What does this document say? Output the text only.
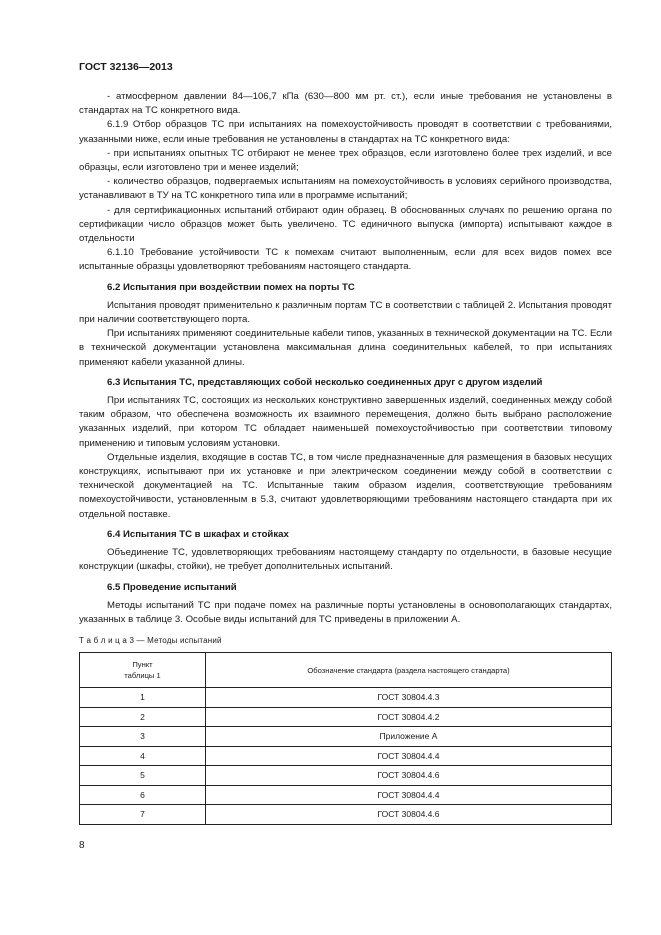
ГОСТ 32136—2013

- атмосферном давлении 84—106,7 кПа (630—800 мм рт. ст.), если иные требования не установлены в стандартах на ТС конкретного вида.

6.1.9 Отбор образцов ТС при испытаниях на помехоустойчивость проводят в соответствии с требованиями, указанными ниже, если иные требования не установлены в стандартах на ТС конкретного вида:

- при испытаниях опытных ТС отбирают не менее трех образцов, если изготовлено более трех изделий, и все образцы, если изготовлено три и менее изделий;

- количество образцов, подвергаемых испытаниям на помехоустойчивость в условиях серийного производства, устанавливают в ТУ на ТС конкретного типа или в программе испытаний;

- для сертификационных испытаний отбирают один образец. В обоснованных случаях по решению органа по сертификации число образцов может быть увеличено. ТС единичного выпуска (импорта) испытывают каждое в отдельности

6.1.10 Требование устойчивости ТС к помехам считают выполненным, если для всех видов помех все испытанные образцы удовлетворяют требованиям настоящего стандарта.

6.2 Испытания при воздействии помех на порты ТС

Испытания проводят применительно к различным портам ТС в соответствии с таблицей 2. Испытания проводят при наличии соответствующего порта.

При испытаниях применяют соединительные кабели типов, указанных в технической документации на ТС. Если в технической документации установлена максимальная длина соединительных кабелей, то при испытаниях применяют кабели указанной длины.

6.3 Испытания ТС, представляющих собой несколько соединенных друг с другом изделий

При испытаниях ТС, состоящих из нескольких конструктивно завершенных изделий, соединенных между собой таким образом, что обеспечена возможность их взаимного перемещения, должно быть выбрано расположение указанных изделий, при котором ТС обладает наименьшей помехоустойчивостью при соответствии типовому применению и типовым условиям установки.

Отдельные изделия, входящие в состав ТС, в том числе предназначенные для размещения в базовых несущих конструкциях, испытывают при их установке и при электрическом соединении между собой в соответствии с технической документацией на ТС. Испытанные таким образом изделия, соответствующие требованиям помехоустойчивости, установленным в 5.3, считают удовлетворяющими требованиям настоящего стандарта при их отдельной поставке.

6.4 Испытания ТС в шкафах и стойках

Объединение ТС, удовлетворяющих требованиям настоящему стандарту по отдельности, в базовые несущие конструкции (шкафы, стойки), не требует дополнительных испытаний.

6.5 Проведение испытаний

Методы испытаний ТС при подаче помех на различные порты установлены в основополагающих стандартах, указанных в таблице 3. Особые виды испытаний для ТС приведены в приложении А.

Т а б л и ц а 3 — Методы испытаний
Пункт
таблицы 1	Обозначение стандарта (раздела настоящего стандарта)
1	ГОСТ 30804.4.3
2	ГОСТ 30804.4.2
3	Приложение А
4	ГОСТ 30804.4.4
5	ГОСТ 30804.4.6
6	ГОСТ 30804.4.4
7	ГОСТ 30804.4.6
8
